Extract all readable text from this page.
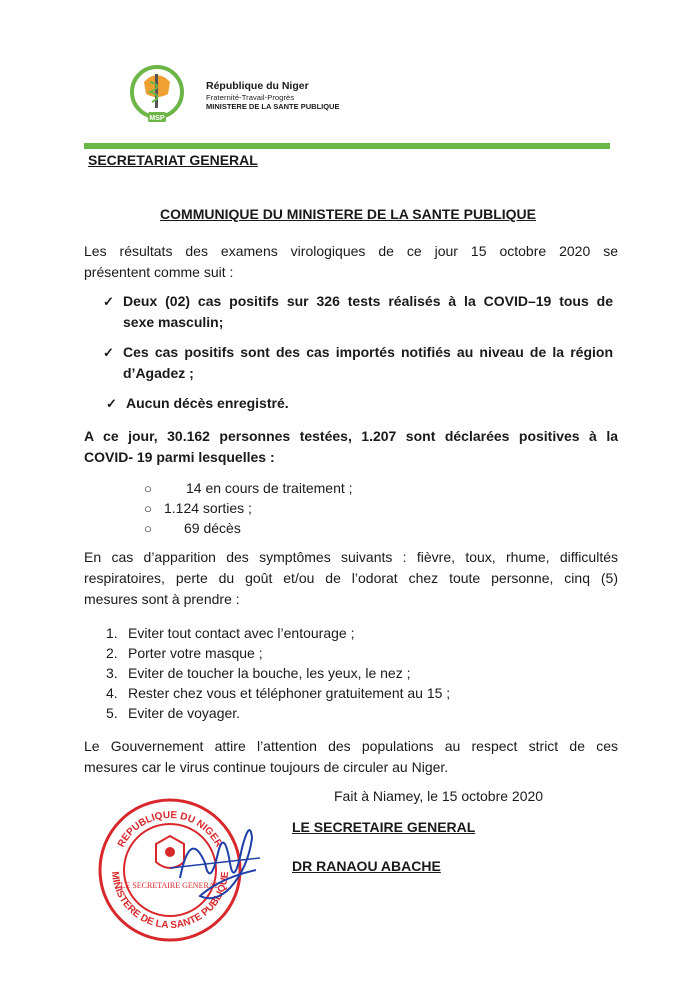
MSP
République du Niger
Fraternité-Travail-Progrès
MINISTERE DE LA SANTE PUBLIQUE
SECRETARIAT GENERAL
COMMUNIQUE DU MINISTERE DE LA SANTE PUBLIQUE
Les résultats des examens virologiques de ce jour 15 octobre 2020 se
présentent comme suit :
✓ Deux (02) cas positifs sur 326 tests réalisés à la COVID–19 tous de
sexe masculin;
✓ Ces cas positifs sont des cas importés notifiés au niveau de la région
d’Agadez ;
✓ Aucun décès enregistré.
A ce jour, 30.162 personnes testées, 1.207 sont déclarées positives à la
COVID- 19 parmi lesquelles :
○ 14 en cours de traitement ;
○ 1.124 sorties ;
○ 69 décès
En cas d’apparition des symptômes suivants : fièvre, toux, rhume, difficultés
respiratoires, perte du goût et/ou de l’odorat chez toute personne, cinq (5)
mesures sont à prendre :
1. Eviter tout contact avec l’entourage ;
2. Porter votre masque ;
3. Eviter de toucher la bouche, les yeux, le nez ;
4. Rester chez vous et téléphoner gratuitement au 15 ;
5. Eviter de voyager.
Le Gouvernement attire l’attention des populations au respect strict de ces
mesures car le virus continue toujours de circuler au Niger.
Fait à Niamey, le 15 octobre 2020
REPUBLIQUE DU NIGER
MINISTERE DE LA SANTE PUBLIQUE
LE SECRETAIRE GENERAL
LE SECRETAIRE GENERAL
DR RANAOU ABACHE
